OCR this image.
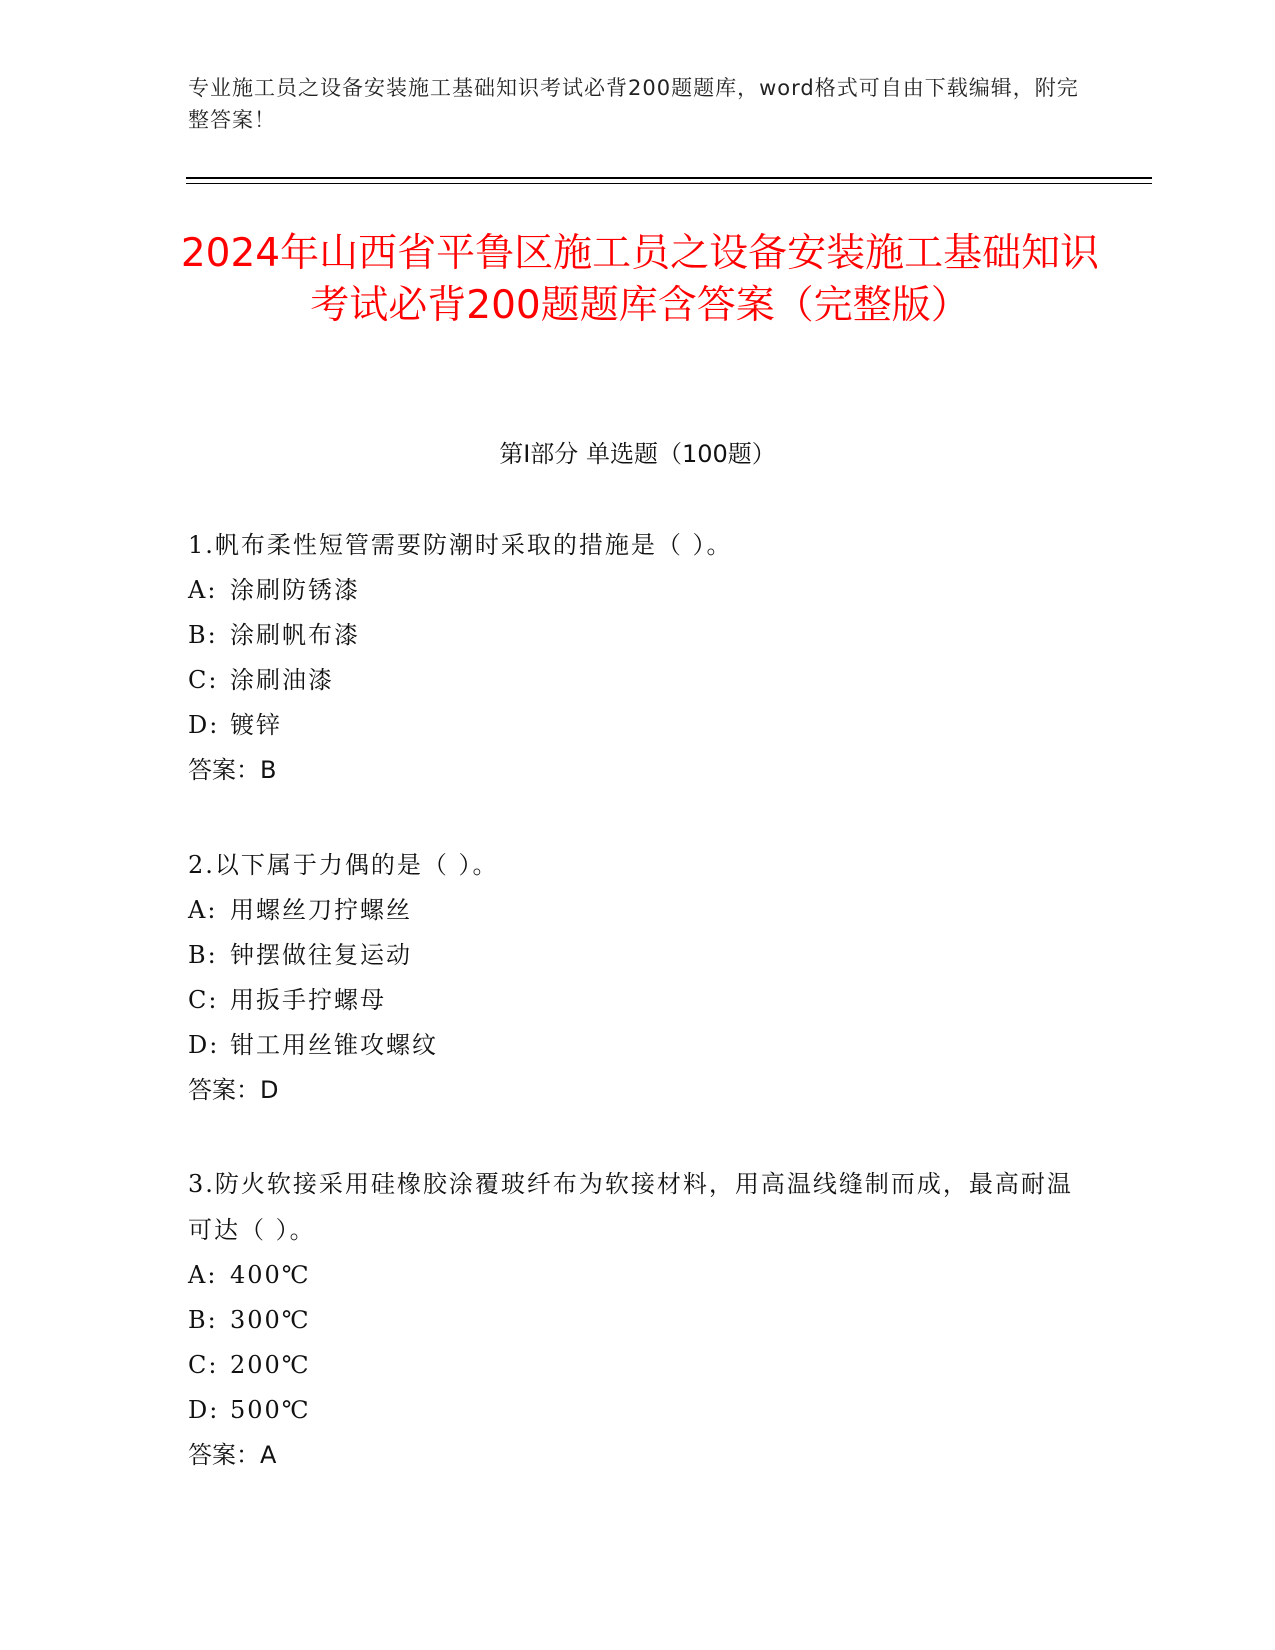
专业施工员之设备安装施工基础知识考试必背200题题库，word格式可自由下载编辑，附完整答案！
2024年山西省平鲁区施工员之设备安装施工基础知识考试必背200题题库含答案（完整版）
第I部分 单选题（100题）

1.帆布柔性短管需要防潮时采取的措施是（ ）。

A: 涂刷防锈漆

B: 涂刷帆布漆

C: 涂刷油漆

D: 镀锌

答案：B

2.以下属于力偶的是（ ）。

A: 用螺丝刀拧螺丝

B: 钟摆做往复运动

C: 用扳手拧螺母

D: 钳工用丝锥攻螺纹

答案：D

3.防火软接采用硅橡胶涂覆玻纤布为软接材料，用高温线缝制而成，最高耐温可达（ ）。

A: 400℃

B: 300℃

C: 200℃

D: 500℃

答案：A
